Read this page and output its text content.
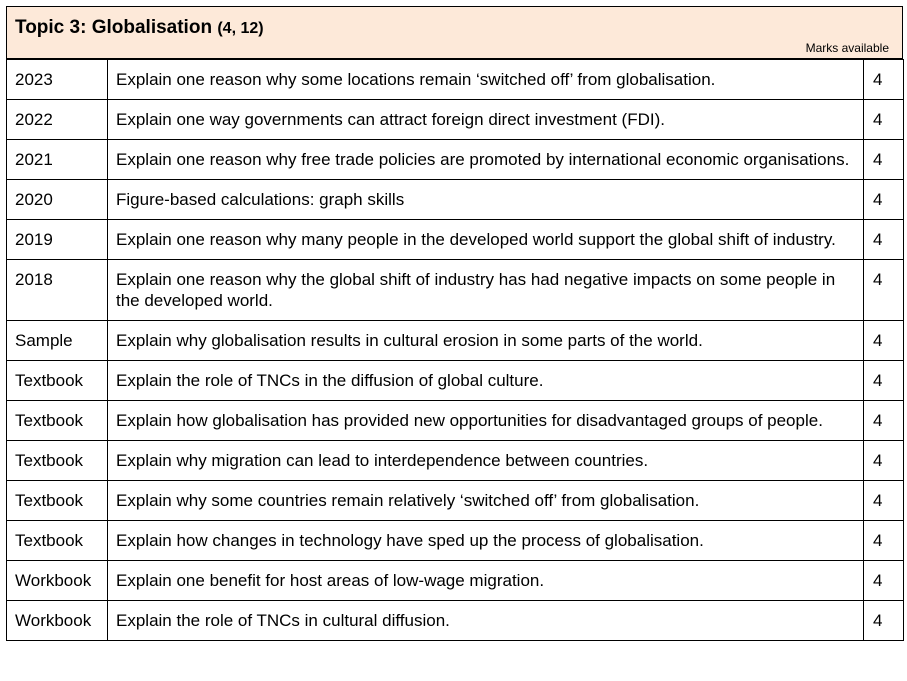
Topic 3: Globalisation (4, 12)
Marks available
2023	Explain one reason why some locations remain ‘switched off’ from globalisation.	4
2022	Explain one way governments can attract foreign direct investment (FDI).	4
2021	Explain one reason why free trade policies are promoted by international economic organisations.	4
2020	Figure-based calculations: graph skills	4
2019	Explain one reason why many people in the developed world support the global shift of industry.	4
2018	Explain one reason why the global shift of industry has had negative impacts on some people in the developed world.	4
Sample	Explain why globalisation results in cultural erosion in some parts of the world.	4
Textbook	Explain the role of TNCs in the diffusion of global culture.	4
Textbook	Explain how globalisation has provided new opportunities for disadvantaged groups of people.	4
Textbook	Explain why migration can lead to interdependence between countries.	4
Textbook	Explain why some countries remain relatively ‘switched off’ from globalisation.	4
Textbook	Explain how changes in technology have sped up the process of globalisation.	4
Workbook	Explain one benefit for host areas of low-wage migration.	4
Workbook	Explain the role of TNCs in cultural diffusion.	4
